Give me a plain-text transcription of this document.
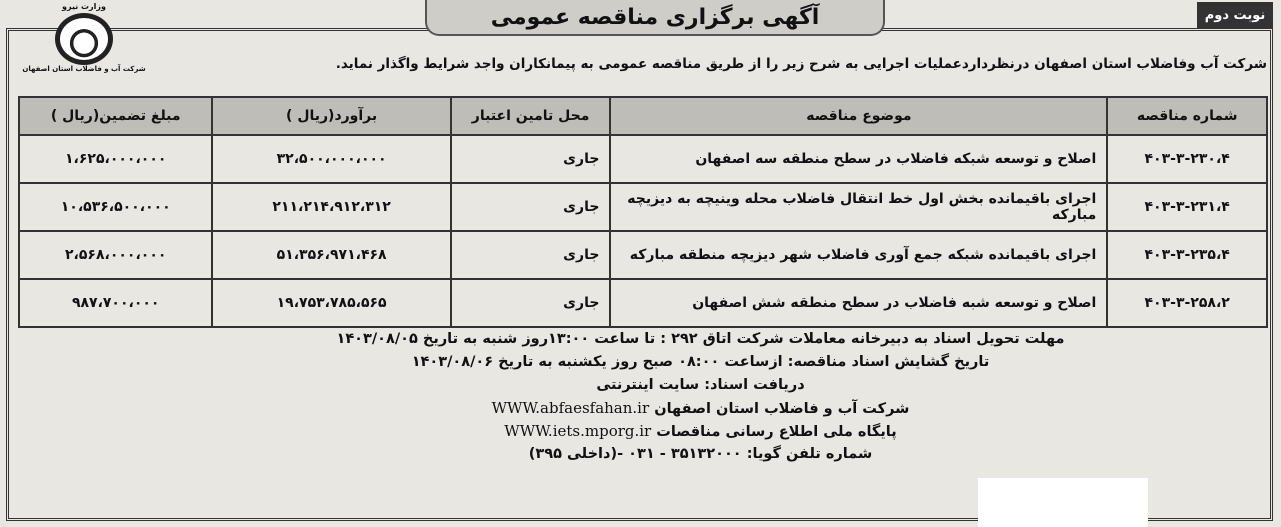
نوبت دوم
آگهی برگزاری مناقصه عمومی
وزارت نیرو
شرکت آب و فاضلاب استان اصفهان	شرکت آب وفاضلاب استان اصفهان درنظرداردعملیات اجرایی به شرح زیر را از طریق مناقصه عمومی به پیمانکاران واجد شرایط واگذار نماید.
شماره مناقصه	موضوع مناقصه	محل تامین اعتبار	برآورد(ریال )	مبلغ تضمین(ریال )
۴۰۳-۳-۲۳۰،۴	اصلاح و توسعه شبکه فاضلاب در سطح منطقه سه اصفهان	جاری	۳۲،۵۰۰،۰۰۰،۰۰۰	۱،۶۲۵،۰۰۰،۰۰۰
۴۰۳-۳-۲۳۱،۴	اجرای باقیمانده بخش اول خط انتقال فاضلاب محله وینیچه به دیزیچه مبارکه	جاری	۲۱۱،۲۱۴،۹۱۲،۳۱۲	۱۰،۵۳۶،۵۰۰،۰۰۰
۴۰۳-۳-۲۳۵،۴	اجرای باقیمانده شبکه جمع آوری فاضلاب شهر دیزیچه منطقه مبارکه	جاری	۵۱،۳۵۶،۹۷۱،۴۶۸	۲،۵۶۸،۰۰۰،۰۰۰
۴۰۳-۳-۲۵۸،۲	اصلاح و توسعه شبه فاضلاب در سطح منطقه شش اصفهان	جاری	۱۹،۷۵۳،۷۸۵،۵۶۵	۹۸۷،۷۰۰،۰۰۰
مهلت تحویل اسناد به دبیرخانه معاملات شرکت اتاق ۲۹۲ : تا ساعت ۱۳:۰۰روز شنبه به تاریخ ۱۴۰۳/۰۸/۰۵
تاریخ گشایش اسناد مناقصه: ازساعت ۰۸:۰۰ صبح روز یکشنبه به تاریخ ۱۴۰۳/۰۸/۰۶
دریافت اسناد: سایت اینترنتی
شرکت آب و فاضلاب استان اصفهان WWW.abfaesfahan.ir
پایگاه ملی اطلاع رسانی مناقصات WWW.iets.mporg.ir
شماره تلفن گویا: ۳۵۱۳۲۰۰۰ - ۰۳۱ -(داخلی ۳۹۵)
